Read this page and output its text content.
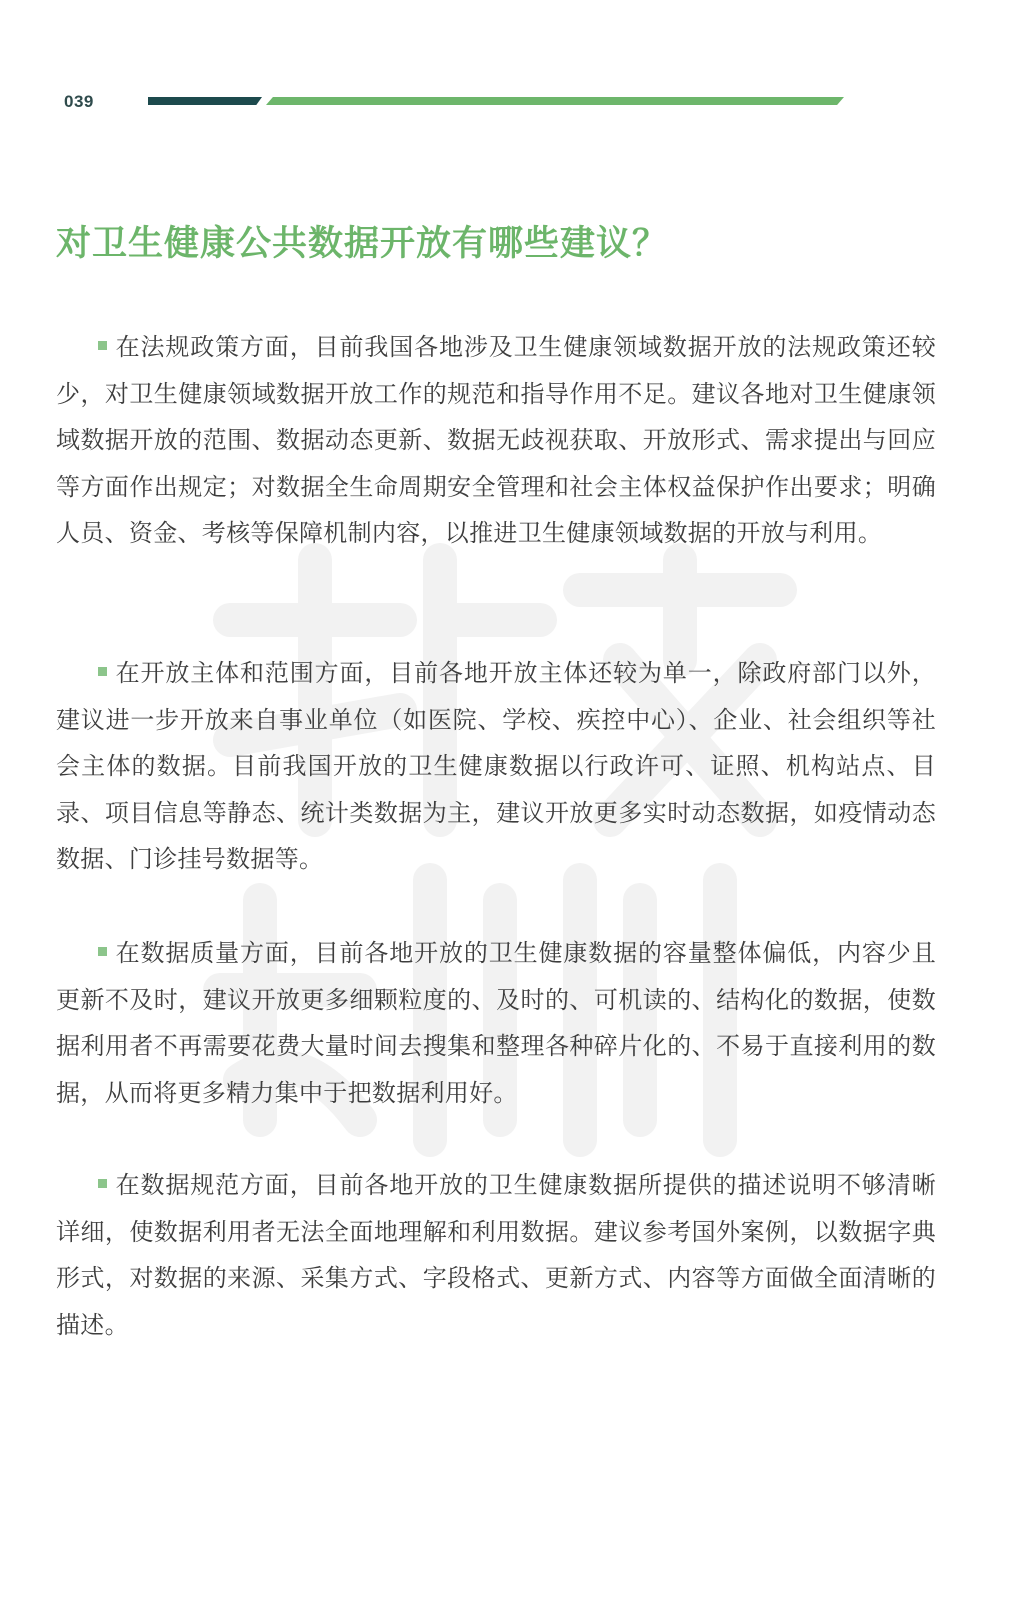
039
对卫生健康公共数据开放有哪些建议？

在法规政策方面，目前我国各地涉及卫生健康领域数据开放的法规政策还较少，对卫生健康领域数据开放工作的规范和指导作用不足。建议各地对卫生健康领域数据开放的范围、数据动态更新、数据无歧视获取、开放形式、需求提出与回应等方面作出规定；对数据全生命周期安全管理和社会主体权益保护作出要求；明确人员、资金、考核等保障机制内容，以推进卫生健康领域数据的开放与利用。

在开放主体和范围方面，目前各地开放主体还较为单一，除政府部门以外，建议进一步开放来自事业单位（如医院、学校、疾控中心）、企业、社会组织等社会主体的数据。目前我国开放的卫生健康数据以行政许可、证照、机构站点、目录、项目信息等静态、统计类数据为主，建议开放更多实时动态数据，如疫情动态数据、门诊挂号数据等。

在数据质量方面，目前各地开放的卫生健康数据的容量整体偏低，内容少且更新不及时，建议开放更多细颗粒度的、及时的、可机读的、结构化的数据，使数据利用者不再需要花费大量时间去搜集和整理各种碎片化的、不易于直接利用的数据，从而将更多精力集中于把数据利用好。

在数据规范方面，目前各地开放的卫生健康数据所提供的描述说明不够清晰详细，使数据利用者无法全面地理解和利用数据。建议参考国外案例，以数据字典形式，对数据的来源、采集方式、字段格式、更新方式、内容等方面做全面清晰的描述。
